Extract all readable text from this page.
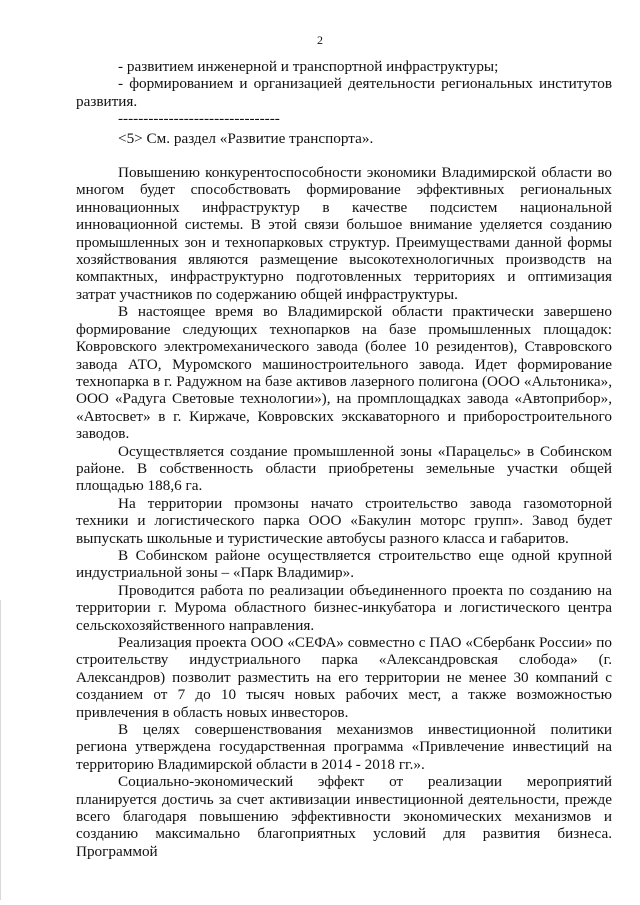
2

- развитием инженерной и транспортной инфраструктуры;

- формированием и организацией деятельности региональных институтов развития.

--------------------------------

<5> См. раздел «Развитие транспорта».

Повышению конкурентоспособности экономики Владимирской области во многом будет способствовать формирование эффективных региональных инновационных инфраструктур в качестве подсистем национальной инновационной системы. В этой связи большое внимание уделяется созданию промышленных зон и технопарковых структур. Преимуществами данной формы хозяйствования являются размещение высокотехнологичных производств на компактных, инфраструктурно подготовленных территориях и оптимизация затрат участников по содержанию общей инфраструктуры.

В настоящее время во Владимирской области практически завершено формирование следующих технопарков на базе промышленных площадок: Ковровского электромеханического завода (более 10 резидентов), Ставровского завода АТО, Муромского машиностроительного завода. Идет формирование технопарка в г. Радужном на базе активов лазерного полигона (ООО «Альтоника», ООО «Радуга Световые технологии»), на промплощадках завода «Автоприбор», «Автосвет» в г. Киржаче, Ковровских экскаваторного и приборостроительного заводов.

Осуществляется создание промышленной зоны «Парацельс» в Собинском районе. В собственность области приобретены земельные участки общей площадью 188,6 га.

На территории промзоны начато строительство завода газомоторной техники и логистического парка ООО «Бакулин моторс групп». Завод будет выпускать школьные и туристические автобусы разного класса и габаритов.

В Собинском районе осуществляется строительство еще одной крупной индустриальной зоны – «Парк Владимир».

Проводится работа по реализации объединенного проекта по созданию на территории г. Мурома областного бизнес-инкубатора и логистического центра сельскохозяйственного направления.

Реализация проекта ООО «СЕФА» совместно с ПАО «Сбербанк России» по строительству индустриального парка «Александровская слобода» (г. Александров) позволит разместить на его территории не менее 30 компаний с созданием от 7 до 10 тысяч новых рабочих мест, а также возможностью привлечения в область новых инвесторов.

В целях совершенствования механизмов инвестиционной политики региона утверждена государственная программа «Привлечение инвестиций на территорию Владимирской области в 2014 - 2018 гг.».

Социально-экономический эффект от реализации мероприятий планируется достичь за счет активизации инвестиционной деятельности, прежде всего благодаря повышению эффективности экономических механизмов и созданию максимально благоприятных условий для развития бизнеса. Программой
